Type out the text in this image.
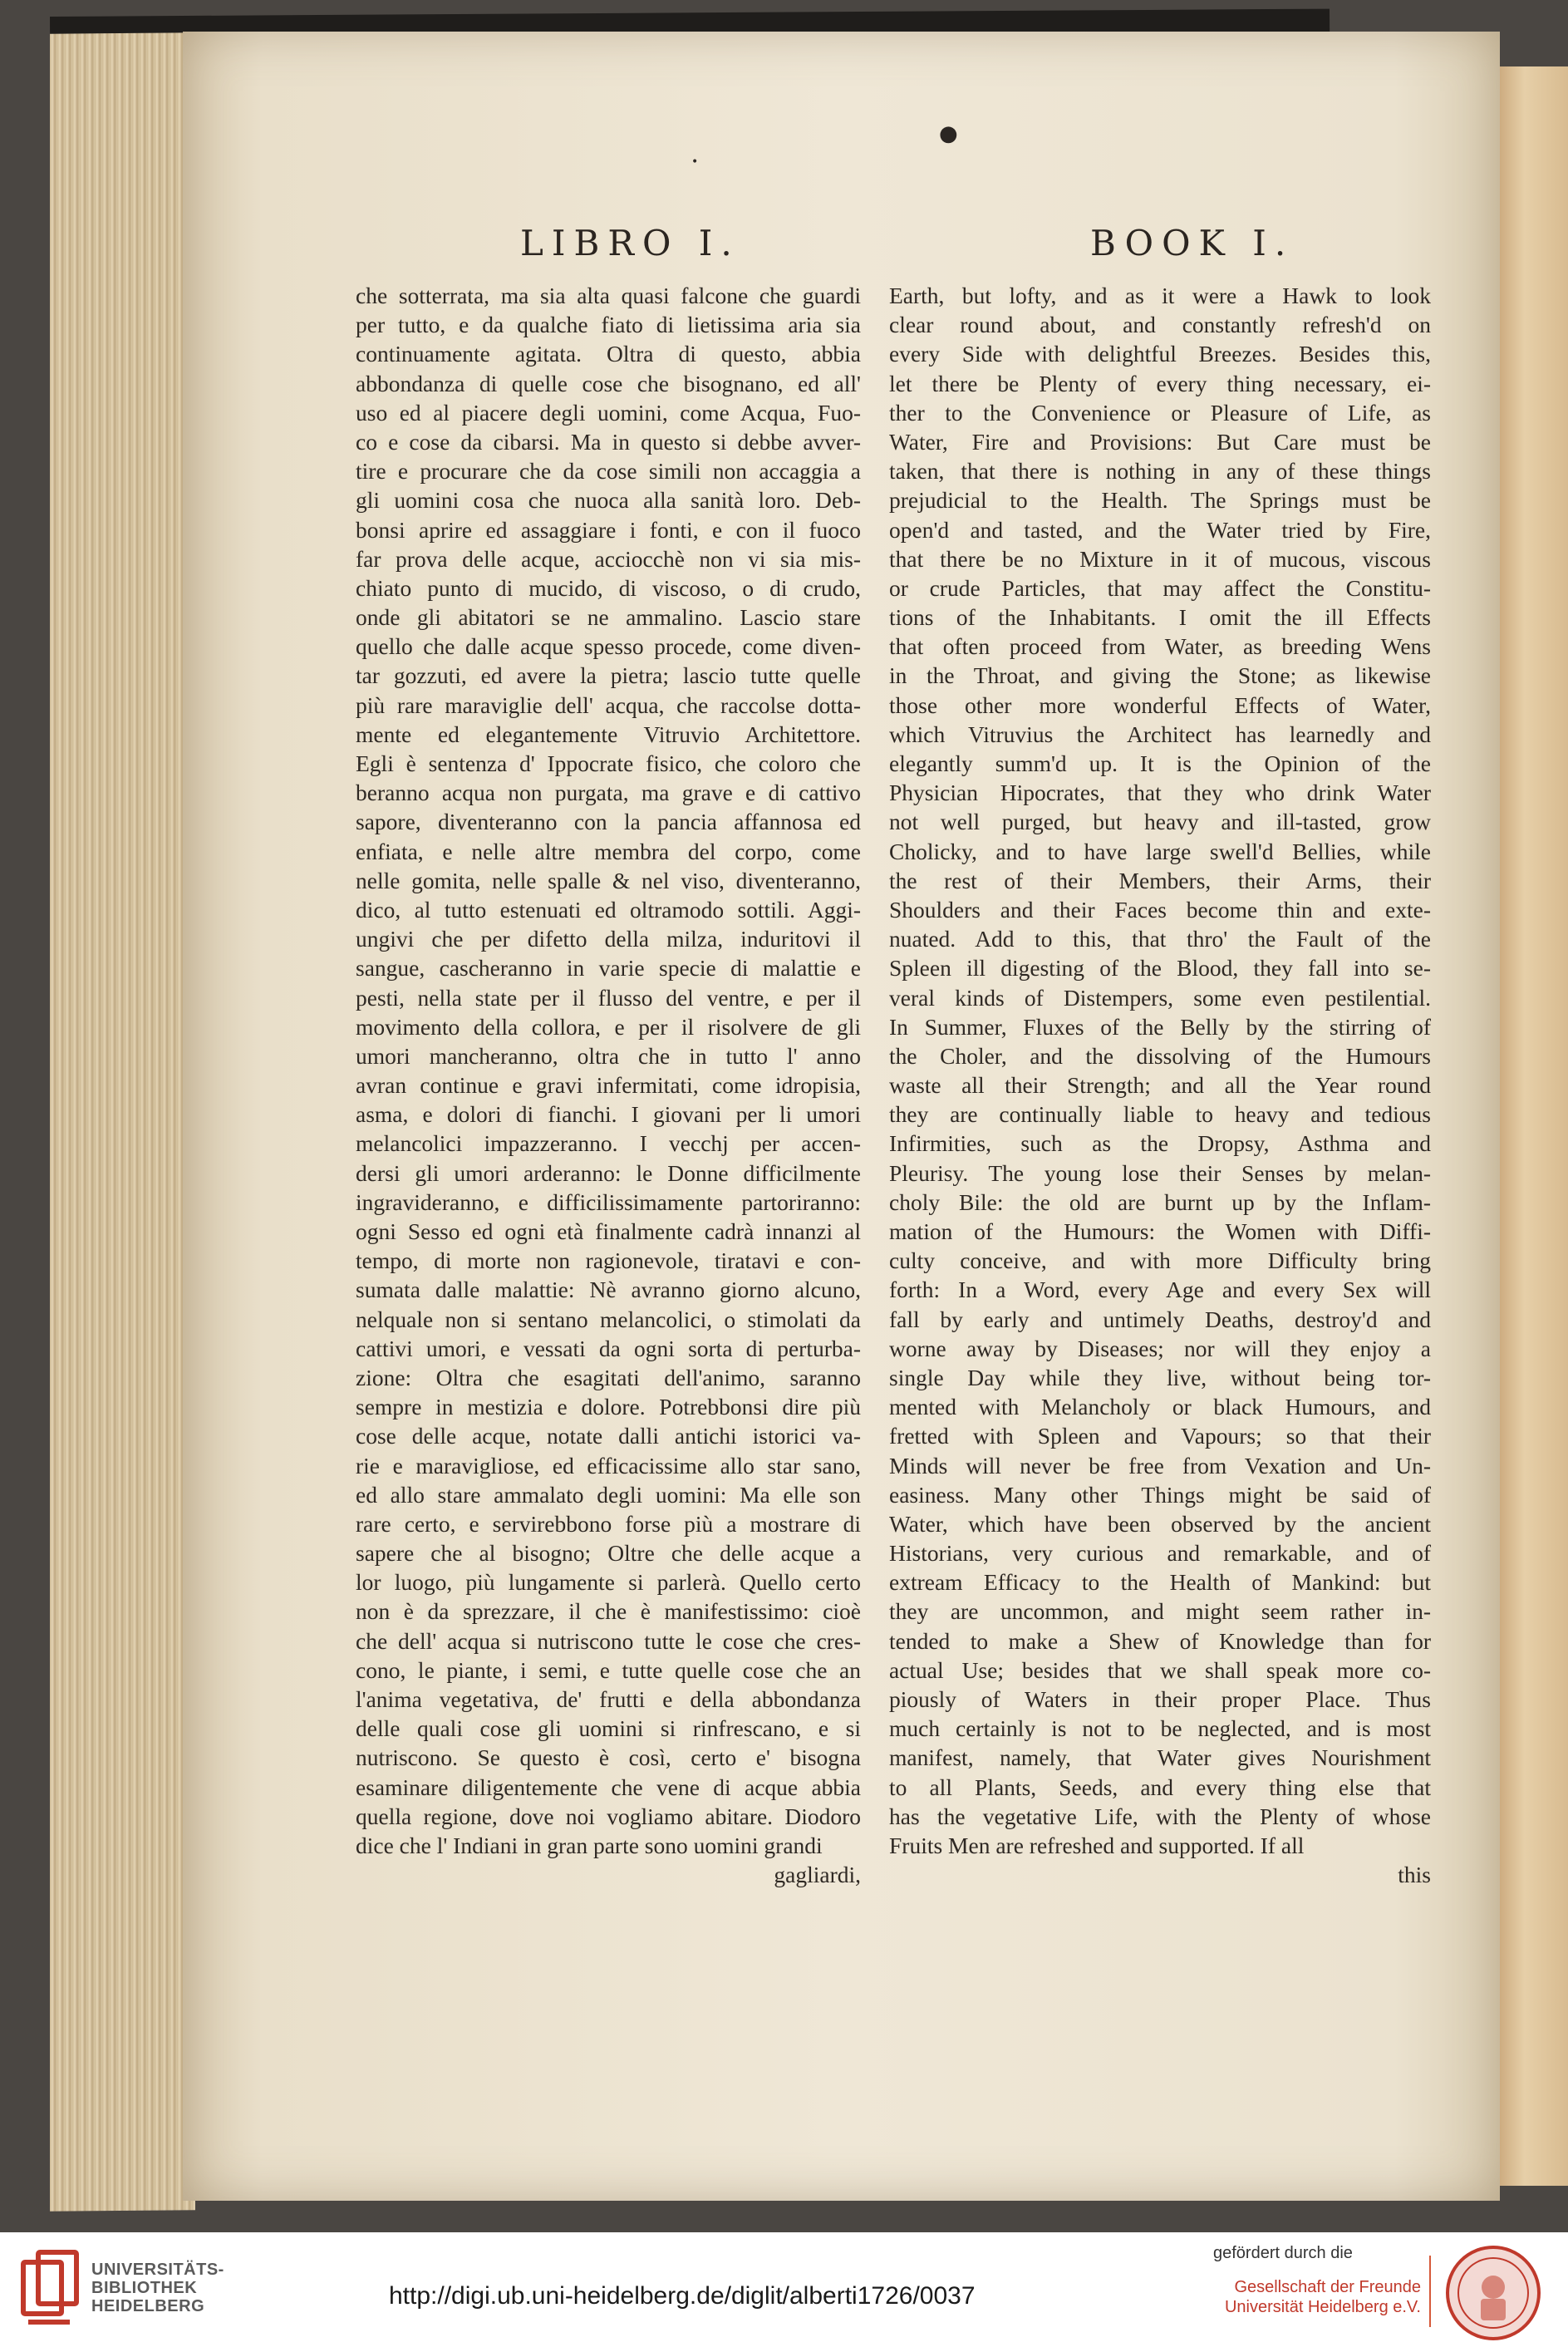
●
•
LIBRO I.	BOOK I.
che sotterrata, ma sia alta quasi falcone che guardi
per tutto, e da qualche fiato di lietissima aria sia
continuamente agitata. Oltra di questo, abbia
abbondanza di quelle cose che bisognano, ed all'
uso ed al piacere degli uomini, come Acqua, Fuo-
co e cose da cibarsi. Ma in questo si debbe avver-
tire e procurare che da cose simili non accaggia a
gli uomini cosa che nuoca alla sanità loro. Deb-
bonsi aprire ed assaggiare i fonti, e con il fuoco
far prova delle acque, acciocchè non vi sia mis-
chiato punto di mucido, di viscoso, o di crudo,
onde gli abitatori se ne ammalino. Lascio stare
quello che dalle acque spesso procede, come diven-
tar gozzuti, ed avere la pietra; lascio tutte quelle
più rare maraviglie dell' acqua, che raccolse dotta-
mente ed elegantemente Vitruvio Architettore.
Egli è sentenza d' Ippocrate fisico, che coloro che
beranno acqua non purgata, ma grave e di cattivo
sapore, diventeranno con la pancia affannosa ed
enfiata, e nelle altre membra del corpo, come
nelle gomita, nelle spalle & nel viso, diventeranno,
dico, al tutto estenuati ed oltramodo sottili. Aggi-
ungivi che per difetto della milza, induritovi il
sangue, cascheranno in varie specie di malattie e
pesti, nella state per il flusso del ventre, e per il
movimento della collora, e per il risolvere de gli
umori mancheranno, oltra che in tutto l' anno
avran continue e gravi infermitati, come idropisia,
asma, e dolori di fianchi. I giovani per li umori
melancolici impazzeranno. I vecchj per accen-
dersi gli umori arderanno: le Donne difficilmente
ingravideranno, e difficilissimamente partoriranno:
ogni Sesso ed ogni età finalmente cadrà innanzi al
tempo, di morte non ragionevole, tiratavi e con-
sumata dalle malattie: Nè avranno giorno alcuno,
nelquale non si sentano melancolici, o stimolati da
cattivi umori, e vessati da ogni sorta di perturba-
zione: Oltra che esagitati dell'animo, saranno
sempre in mestizia e dolore. Potrebbonsi dire più
cose delle acque, notate dalli antichi istorici va-
rie e maravigliose, ed efficacissime allo star sano,
ed allo stare ammalato degli uomini: Ma elle son
rare certo, e servirebbono forse più a mostrare di
sapere che al bisogno; Oltre che delle acque a
lor luogo, più lungamente si parlerà. Quello certo
non è da sprezzare, il che è manifestissimo: cioè
che dell' acqua si nutriscono tutte le cose che cres-
cono, le piante, i semi, e tutte quelle cose che an
l'anima vegetativa, de' frutti e della abbondanza
delle quali cose gli uomini si rinfrescano, e si
nutriscono. Se questo è così, certo e' bisogna
esaminare diligentemente che vene di acque abbia
quella regione, dove noi vogliamo abitare. Diodoro
dice che l' Indiani in gran parte sono uomini grandi
gagliardi,
Earth, but lofty, and as it were a Hawk to look
clear round about, and constantly refresh'd on
every Side with delightful Breezes. Besides this,
let there be Plenty of every thing necessary, ei-
ther to the Convenience or Pleasure of Life, as
Water, Fire and Provisions: But Care must be
taken, that there is nothing in any of these things
prejudicial to the Health. The Springs must be
open'd and tasted, and the Water tried by Fire,
that there be no Mixture in it of mucous, viscous
or crude Particles, that may affect the Constitu-
tions of the Inhabitants. I omit the ill Effects
that often proceed from Water, as breeding Wens
in the Throat, and giving the Stone; as likewise
those other more wonderful Effects of Water,
which Vitruvius the Architect has learnedly and
elegantly summ'd up. It is the Opinion of the
Physician Hipocrates, that they who drink Water
not well purged, but heavy and ill-tasted, grow
Cholicky, and to have large swell'd Bellies, while
the rest of their Members, their Arms, their
Shoulders and their Faces become thin and exte-
nuated. Add to this, that thro' the Fault of the
Spleen ill digesting of the Blood, they fall into se-
veral kinds of Distempers, some even pestilential.
In Summer, Fluxes of the Belly by the stirring of
the Choler, and the dissolving of the Humours
waste all their Strength; and all the Year round
they are continually liable to heavy and tedious
Infirmities, such as the Dropsy, Asthma and
Pleurisy. The young lose their Senses by melan-
choly Bile: the old are burnt up by the Inflam-
mation of the Humours: the Women with Diffi-
culty conceive, and with more Difficulty bring
forth: In a Word, every Age and every Sex will
fall by early and untimely Deaths, destroy'd and
worne away by Diseases; nor will they enjoy a
single Day while they live, without being tor-
mented with Melancholy or black Humours, and
fretted with Spleen and Vapours; so that their
Minds will never be free from Vexation and Un-
easiness. Many other Things might be said of
Water, which have been observed by the ancient
Historians, very curious and remarkable, and of
extream Efficacy to the Health of Mankind: but
they are uncommon, and might seem rather in-
tended to make a Shew of Knowledge than for
actual Use; besides that we shall speak more co-
piously of Waters in their proper Place. Thus
much certainly is not to be neglected, and is most
manifest, namely, that Water gives Nourishment
to all Plants, Seeds, and every thing else that
has the vegetative Life, with the Plenty of whose
Fruits Men are refreshed and supported. If all
this
UNIVERSITÄTS-
BIBLIOTHEK
HEIDELBERG	http://digi.ub.uni-heidelberg.de/diglit/alberti1726/0037
gefördert durch die
Gesellschaft der Freunde
Universität Heidelberg e.V.
